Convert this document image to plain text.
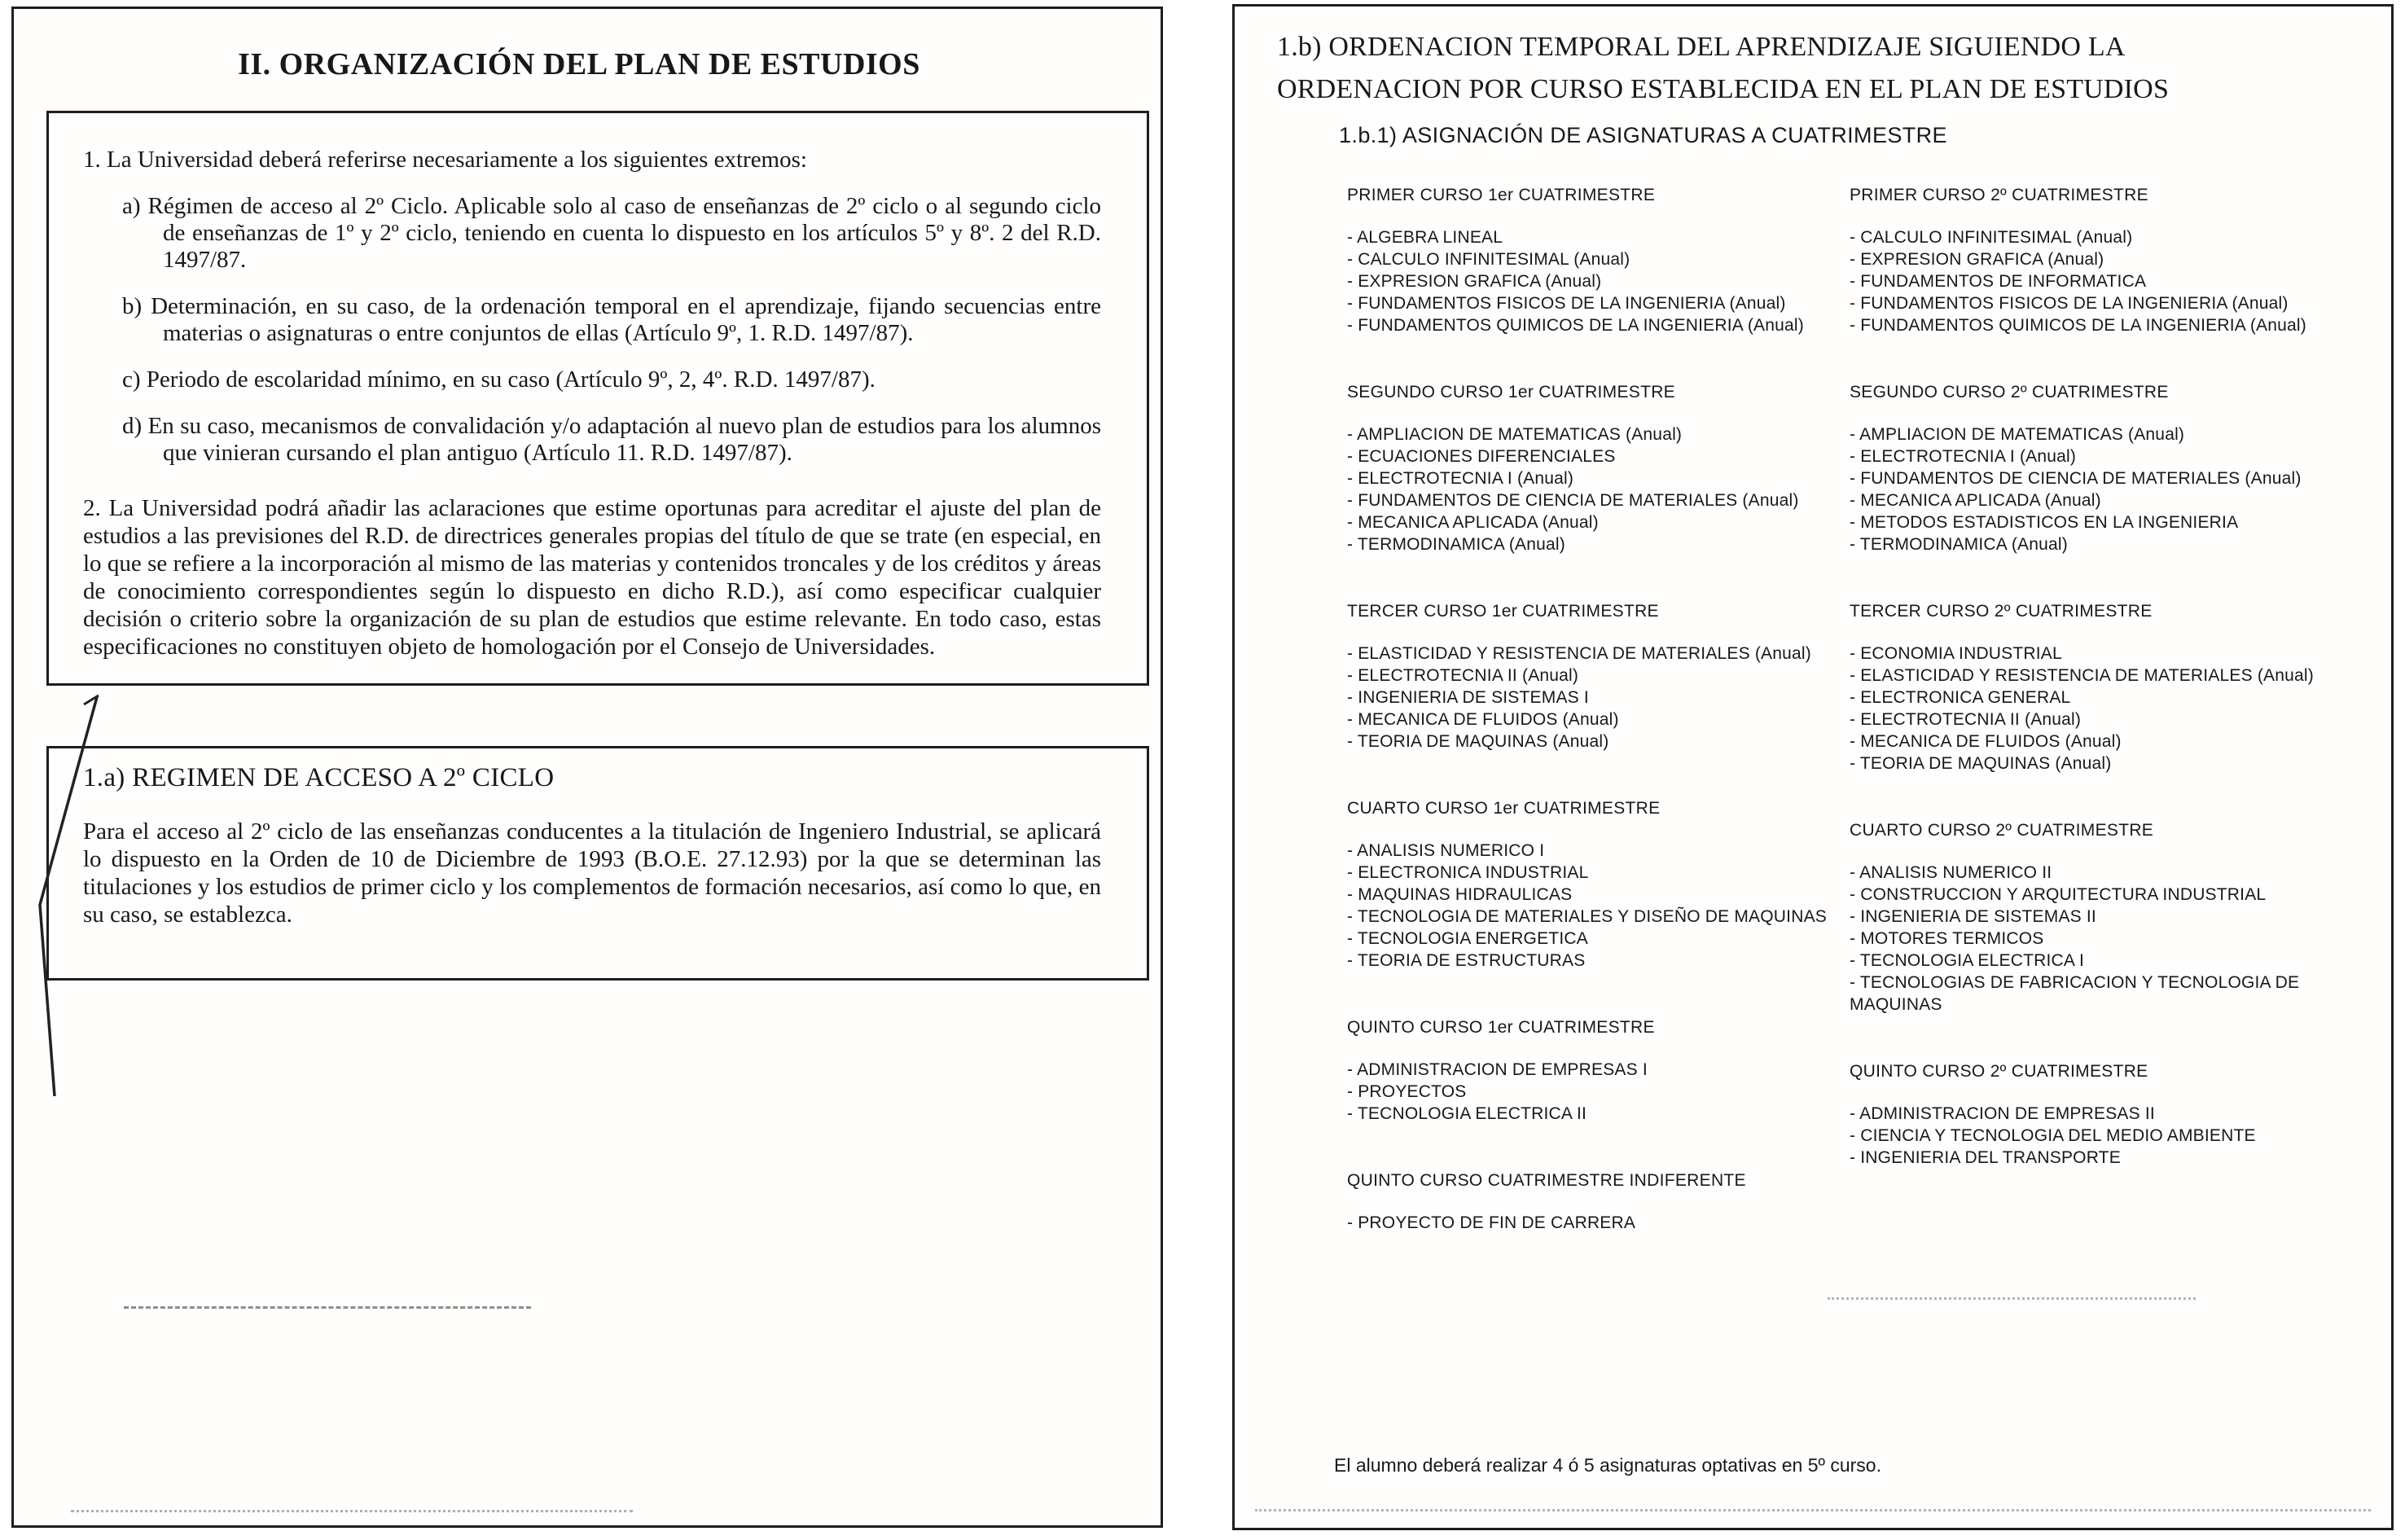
II. ORGANIZACIÓN DEL PLAN DE ESTUDIOS

1. La Universidad deberá referirse necesariamente a los siguientes extremos:

a) Régimen de acceso al 2º Ciclo. Aplicable solo al caso de enseñanzas de 2º ciclo o al segundo ciclo de enseñanzas de 1º y 2º ciclo, teniendo en cuenta lo dispuesto en los artículos 5º y 8º. 2 del R.D. 1497/87.

b) Determinación, en su caso, de la ordenación temporal en el aprendizaje, fijando secuencias entre materias o asignaturas o entre conjuntos de ellas (Artículo 9º, 1. R.D. 1497/87).

c) Periodo de escolaridad mínimo, en su caso (Artículo 9º, 2, 4º. R.D. 1497/87).

d) En su caso, mecanismos de convalidación y/o adaptación al nuevo plan de estudios para los alumnos que vinieran cursando el plan antiguo (Artículo 11. R.D. 1497/87).

2. La Universidad podrá añadir las aclaraciones que estime oportunas para acreditar el ajuste del plan de estudios a las previsiones del R.D. de directrices generales propias del título de que se trate (en especial, en lo que se refiere a la incorporación al mismo de las materias y contenidos troncales y de los créditos y áreas de conocimiento correspondientes según lo dispuesto en dicho R.D.), así como especificar cualquier decisión o criterio sobre la organización de su plan de estudios que estime relevante. En todo caso, estas especificaciones no constituyen objeto de homologación por el Consejo de Universidades.

1.a) REGIMEN DE ACCESO A 2º CICLO

Para el acceso al 2º ciclo de las enseñanzas conducentes a la titulación de Ingeniero Industrial, se aplicará lo dispuesto en la Orden de 10 de Diciembre de 1993 (B.O.E. 27.12.93) por la que se determinan las titulaciones y los estudios de primer ciclo y los complementos de formación necesarios, así como lo que, en su caso, se establezca.

1.b) ORDENACION TEMPORAL DEL APRENDIZAJE SIGUIENDO LA ORDENACION POR CURSO ESTABLECIDA EN EL PLAN DE ESTUDIOS
1.b.1) ASIGNACIÓN DE ASIGNATURAS A CUATRIMESTRE
PRIMER CURSO 1er CUATRIMESTRE
- ALGEBRA LINEAL
- CALCULO INFINITESIMAL (Anual)
- EXPRESION GRAFICA (Anual)
- FUNDAMENTOS FISICOS DE LA INGENIERIA (Anual)
- FUNDAMENTOS QUIMICOS DE LA INGENIERIA (Anual)
SEGUNDO CURSO 1er CUATRIMESTRE
- AMPLIACION DE MATEMATICAS (Anual)
- ECUACIONES DIFERENCIALES
- ELECTROTECNIA I (Anual)
- FUNDAMENTOS DE CIENCIA DE MATERIALES (Anual)
- MECANICA APLICADA (Anual)
- TERMODINAMICA (Anual)
TERCER CURSO 1er CUATRIMESTRE
- ELASTICIDAD Y RESISTENCIA DE MATERIALES (Anual)
- ELECTROTECNIA II (Anual)
- INGENIERIA DE SISTEMAS I
- MECANICA DE FLUIDOS (Anual)
- TEORIA DE MAQUINAS (Anual)
CUARTO CURSO 1er CUATRIMESTRE
- ANALISIS NUMERICO I
- ELECTRONICA INDUSTRIAL
- MAQUINAS HIDRAULICAS
- TECNOLOGIA DE MATERIALES Y DISEÑO DE MAQUINAS
- TECNOLOGIA ENERGETICA
- TEORIA DE ESTRUCTURAS
QUINTO CURSO 1er CUATRIMESTRE
- ADMINISTRACION DE EMPRESAS I
- PROYECTOS
- TECNOLOGIA ELECTRICA II
QUINTO CURSO CUATRIMESTRE INDIFERENTE
- PROYECTO DE FIN DE CARRERA
PRIMER CURSO 2º CUATRIMESTRE
- CALCULO INFINITESIMAL (Anual)
- EXPRESION GRAFICA (Anual)
- FUNDAMENTOS DE INFORMATICA
- FUNDAMENTOS FISICOS DE LA INGENIERIA (Anual)
- FUNDAMENTOS QUIMICOS DE LA INGENIERIA (Anual)
SEGUNDO CURSO 2º CUATRIMESTRE
- AMPLIACION DE MATEMATICAS (Anual)
- ELECTROTECNIA I (Anual)
- FUNDAMENTOS DE CIENCIA DE MATERIALES (Anual)
- MECANICA APLICADA (Anual)
- METODOS ESTADISTICOS EN LA INGENIERIA
- TERMODINAMICA (Anual)
TERCER CURSO 2º CUATRIMESTRE
- ECONOMIA INDUSTRIAL
- ELASTICIDAD Y RESISTENCIA DE MATERIALES (Anual)
- ELECTRONICA GENERAL
- ELECTROTECNIA II (Anual)
- MECANICA DE FLUIDOS (Anual)
- TEORIA DE MAQUINAS (Anual)
CUARTO CURSO 2º CUATRIMESTRE
- ANALISIS NUMERICO II
- CONSTRUCCION Y ARQUITECTURA INDUSTRIAL
- INGENIERIA DE SISTEMAS II
- MOTORES TERMICOS
- TECNOLOGIA ELECTRICA I
- TECNOLOGIAS DE FABRICACION Y TECNOLOGIA DE MAQUINAS
QUINTO CURSO 2º CUATRIMESTRE
- ADMINISTRACION DE EMPRESAS II
- CIENCIA Y TECNOLOGIA DEL MEDIO AMBIENTE
- INGENIERIA DEL TRANSPORTE
El alumno deberá realizar 4 ó 5 asignaturas optativas en 5º curso.
